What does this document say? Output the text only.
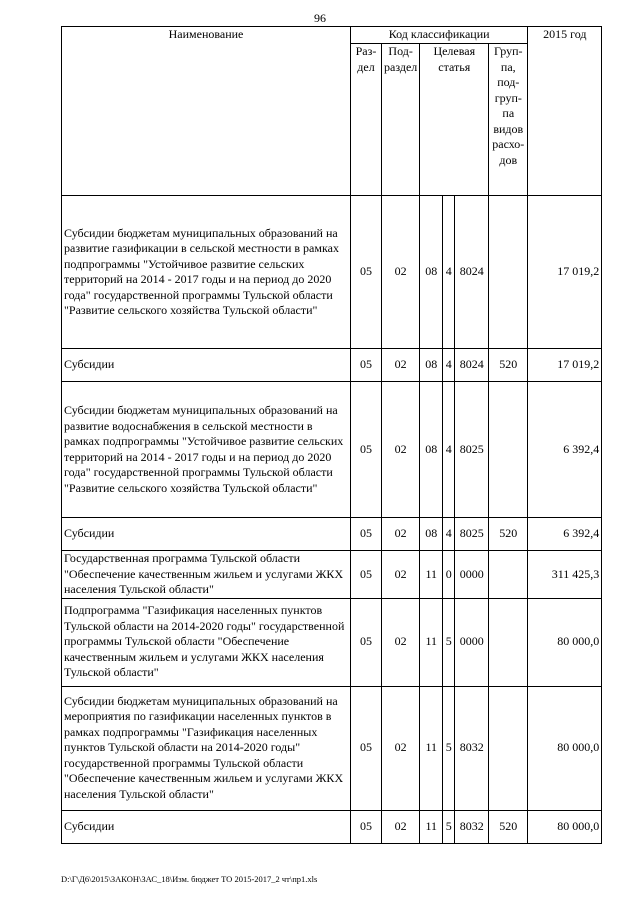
96
Наименование	Код классификации						2015 год
	Раз- дел	Под- раздел	Целевая статья			Груп- па, под- груп- па видов расхо- дов	
Субсидии бюджетам муниципальных образований на развитие газификации в сельской местности в рамках подпрограммы "Устойчивое развитие сельских территорий на 2014 - 2017 годы и на период до 2020 года" государственной программы Тульской области "Развитие сельского хозяйства Тульской области"	05	02	08	4	8024		17 019,2
Субсидии	05	02	08	4	8024	520	17 019,2
Субсидии бюджетам муниципальных образований на развитие водоснабжения в сельской местности в рамках подпрограммы "Устойчивое развитие сельских территорий на 2014 - 2017 годы и на период до 2020 года" государственной программы Тульской области "Развитие сельского хозяйства Тульской области"	05	02	08	4	8025		6 392,4
Субсидии	05	02	08	4	8025	520	6 392,4
Государственная программа Тульской области "Обеспечение качественным жильем и услугами ЖКХ населения Тульской области"	05	02	11	0	0000		311 425,3
Подпрограмма "Газификация населенных пунктов Тульской области на 2014-2020 годы" государственной программы Тульской области "Обеспечение качественным жильем и услугами ЖКХ населения Тульской области"	05	02	11	5	0000		80 000,0
Субсидии бюджетам муниципальных образований на мероприятия по газификации населенных пунктов в рамках подпрограммы "Газификация населенных пунктов Тульской области на 2014-2020 годы" государственной программы Тульской области "Обеспечение качественным жильем и услугами ЖКХ населения Тульской области"	05	02	11	5	8032		80 000,0
Субсидии	05	02	11	5	8032	520	80 000,0
D:\Г\Д6\2015\ЗАКОН\ЗАС_18\Изм. бюджет ТО 2015-2017_2 чт\пр1.xls
